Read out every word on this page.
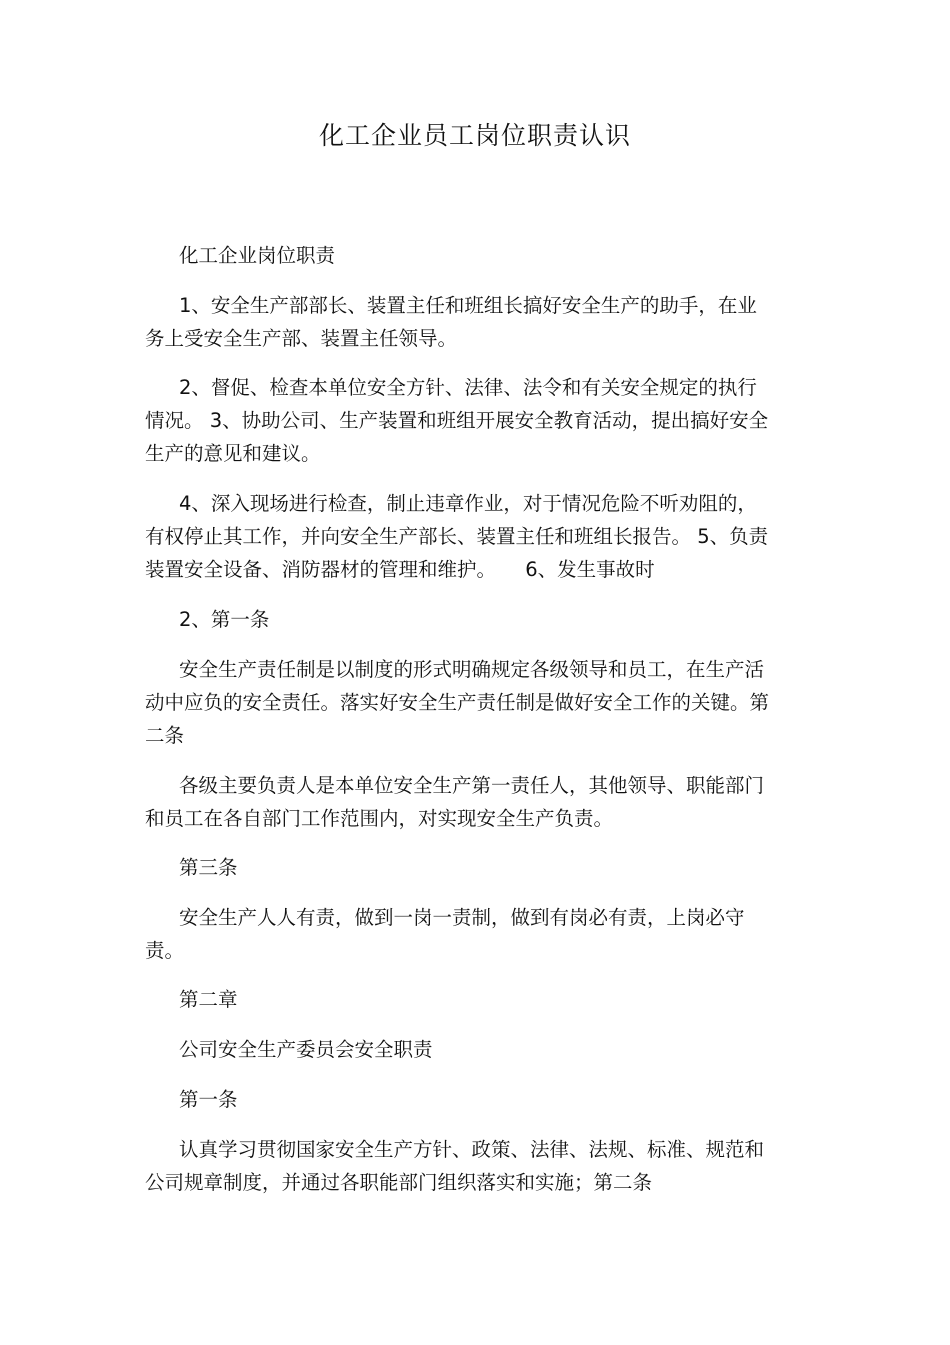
化工企业员工岗位职责认识

化工企业岗位职责

1、安全生产部部长、装置主任和班组长搞好安全生产的助手，在业务上受安全生产部、装置主任领导。

2、督促、检查本单位安全方针、法律、法令和有关安全规定的执行情况。 3、协助公司、生产装置和班组开展安全教育活动，提出搞好安全生产的意见和建议。

4、深入现场进行检查，制止违章作业，对于情况危险不听劝阻的，有权停止其工作，并向安全生产部长、装置主任和班组长报告。 5、负责装置安全设备、消防器材的管理和维护。　　6、发生事故时

2、第一条

安全生产责任制是以制度的形式明确规定各级领导和员工，在生产活动中应负的安全责任。落实好安全生产责任制是做好安全工作的关键。第二条

各级主要负责人是本单位安全生产第一责任人，其他领导、职能部门和员工在各自部门工作范围内，对实现安全生产负责。

第三条

安全生产人人有责，做到一岗一责制，做到有岗必有责，上岗必守责。

第二章

公司安全生产委员会安全职责

第一条

认真学习贯彻国家安全生产方针、政策、法律、法规、标准、规范和公司规章制度，并通过各职能部门组织落实和实施；第二条
